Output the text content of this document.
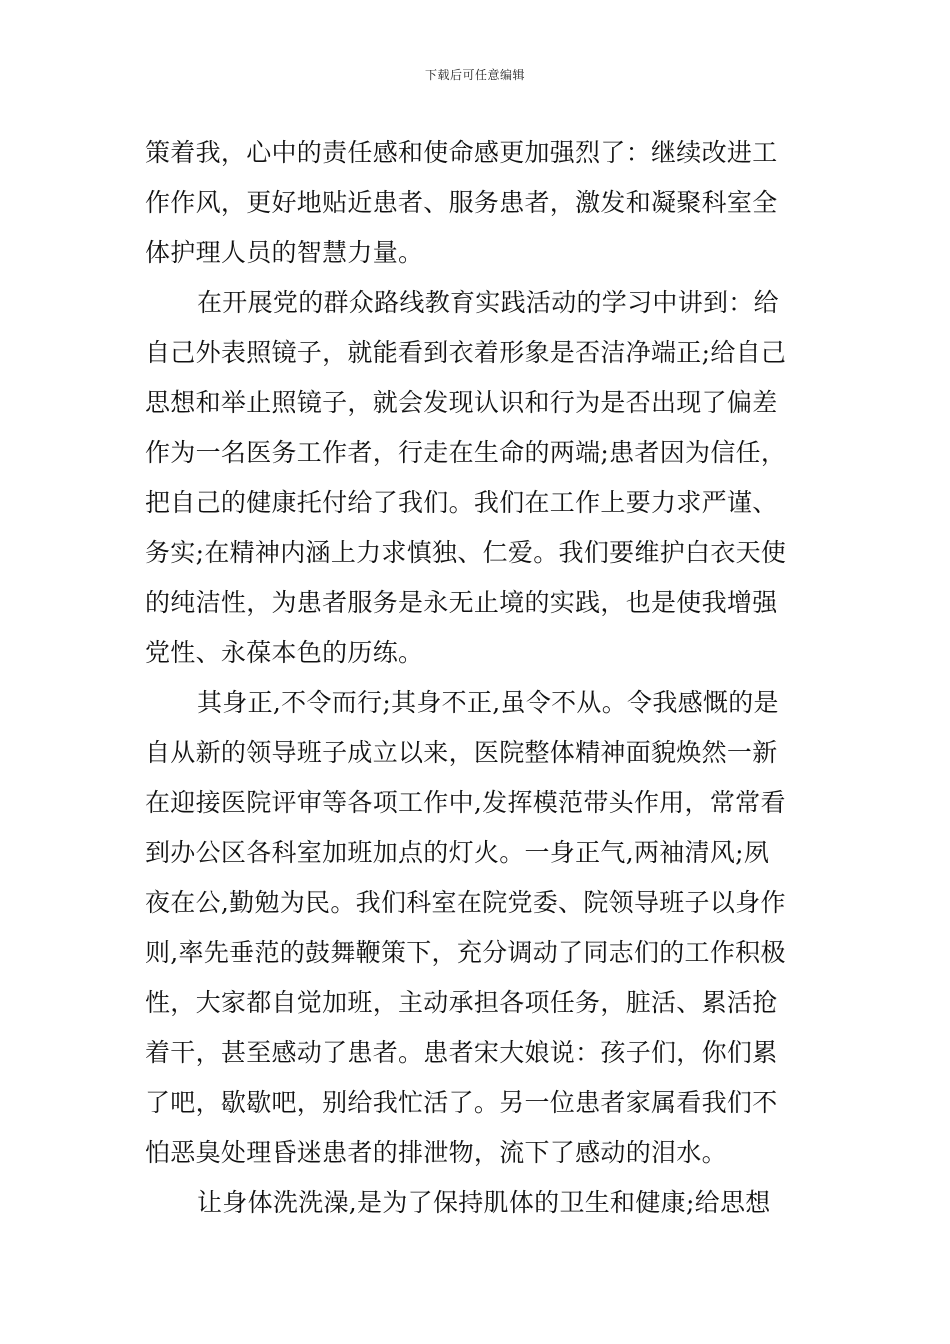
下载后可任意编辑
策着我，心中的责任感和使命感更加强烈了：继续改进工
作作风，更好地贴近患者、服务患者，激发和凝聚科室全
体护理人员的智慧力量。
在开展党的群众路线教育实践活动的学习中讲到：给
自己外表照镜子，就能看到衣着形象是否洁净端正;给自己
思想和举止照镜子，就会发现认识和行为是否出现了偏差
作为一名医务工作者，行走在生命的两端;患者因为信任，
把自己的健康托付给了我们。我们在工作上要力求严谨、
务实;在精神内涵上力求慎独、仁爱。我们要维护白衣天使
的纯洁性，为患者服务是永无止境的实践，也是使我增强
党性、永葆本色的历练。
其身正,不令而行;其身不正,虽令不从。令我感慨的是
自从新的领导班子成立以来，医院整体精神面貌焕然一新
在迎接医院评审等各项工作中,发挥模范带头作用，常常看
到办公区各科室加班加点的灯火。一身正气,两袖清风;夙
夜在公,勤勉为民。我们科室在院党委、院领导班子以身作
则,率先垂范的鼓舞鞭策下，充分调动了同志们的工作积极
性，大家都自觉加班，主动承担各项任务，脏活、累活抢
着干，甚至感动了患者。患者宋大娘说：孩子们，你们累
了吧，歇歇吧，别给我忙活了。另一位患者家属看我们不
怕恶臭处理昏迷患者的排泄物，流下了感动的泪水。
让身体洗洗澡,是为了保持肌体的卫生和健康;给思想
